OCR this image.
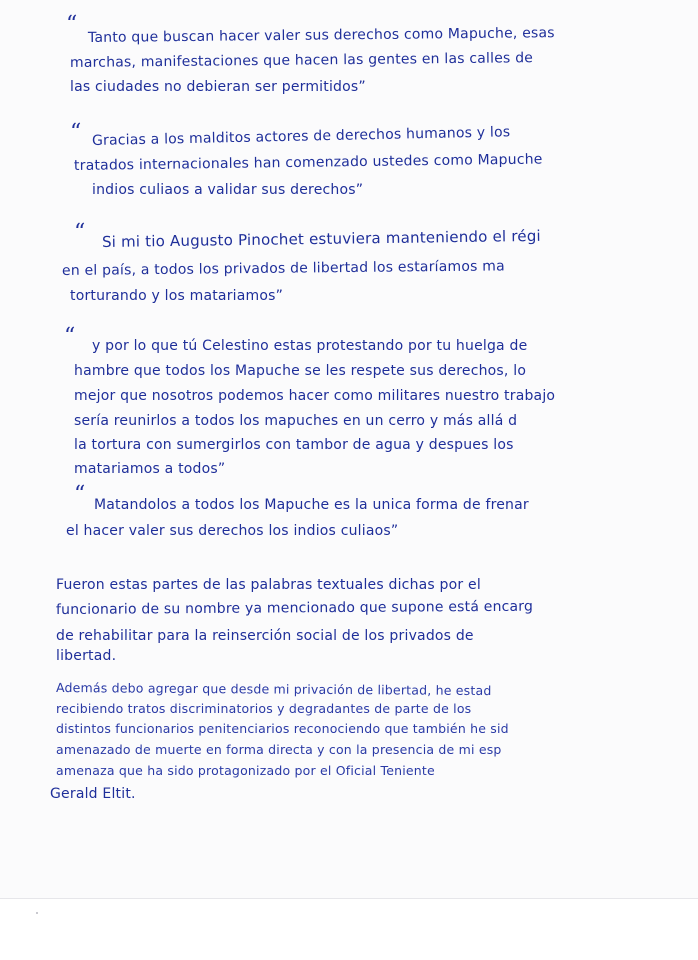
“ Tanto que buscan hacer valer sus derechos como Mapuche, esas
marchas, manifestaciones que hacen las gentes en las calles de
las ciudades no debieran ser permitidos”
“ Gracias a los malditos actores de derechos humanos y los
tratados internacionales han comenzado ustedes como Mapuche
indios culiaos a validar sus derechos”
“ Si mi tio Augusto Pinochet estuviera manteniendo el régi
en el país, a todos los privados de libertad los estaríamos ma
torturando y los matariamos”
“ y por lo que tú Celestino estas protestando por tu huelga de
hambre que todos los Mapuche se les respete sus derechos, lo
mejor que nosotros podemos hacer como militares nuestro trabajo
sería reunirlos a todos los mapuches en un cerro y más allá d
la tortura con sumergirlos con tambor de agua y despues los
matariamos a todos”
“ Matandolos a todos los Mapuche es la unica forma de frenar
el hacer valer sus derechos los indios culiaos”
Fueron estas partes de las palabras textuales dichas por el
funcionario de su nombre ya mencionado que supone está encarg
de rehabilitar para la reinserción social de los privados de
libertad.
Además debo agregar que desde mi privación de libertad, he estad
recibiendo tratos discriminatorios y degradantes de parte de los
distintos funcionarios penitenciarios reconociendo que también he sid
amenazado de muerte en forma directa y con la presencia de mi esp
amenaza que ha sido protagonizado por el Oficial Teniente
Gerald Eltit.
